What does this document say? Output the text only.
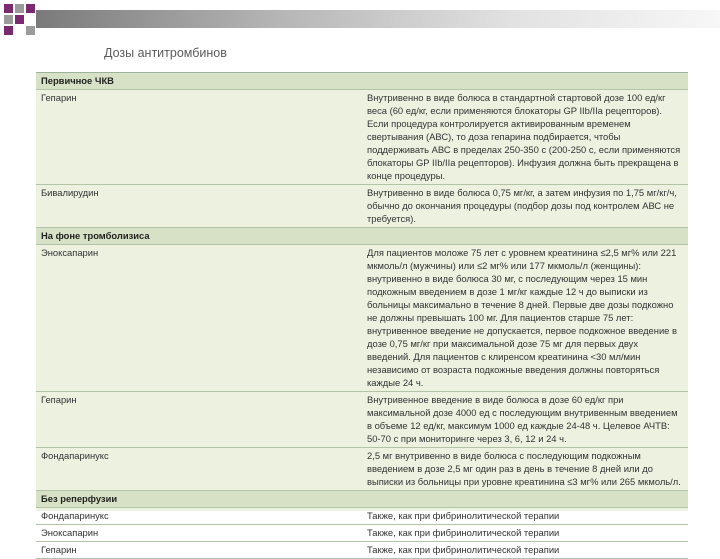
Дозы антитромбинов
Первичное ЧКВ	
Гепарин	Внутривенно в виде болюса в стандартной стартовой дозе 100 ед/кг веса (60 ед/кг, если применяются блокаторы GP IIb/IIa рецепторов). Если процедура контролируется активированным временем свертывания (АВС), то доза гепарина подбирается, чтобы поддерживать АВС в пределах 250-350 с (200-250 с, если применяются блокаторы GP IIb/IIa рецепторов). Инфузия должна быть прекращена в конце процедуры.
Бивалирудин	Внутривенно в виде болюса 0,75 мг/кг, а затем инфузия по 1,75 мг/кг/ч, обычно до окончания процедуры (подбор дозы под контролем АВС не требуется).
На фоне тромболизиса	
Эноксапарин	Для пациентов моложе 75 лет с уровнем креатинина ≤2,5 мг% или 221 мкмоль/л (мужчины) или ≤2 мг% или 177 мкмоль/л (женщины): внутривенно в виде болюса 30 мг, с последующим через 15 мин подкожным введением в дозе 1 мг/кг каждые 12 ч до выписки из больницы максимально в течение 8 дней. Первые две дозы подкожно не должны превышать 100 мг. Для пациентов старше 75 лет: внутривенное введение не допускается, первое подкожное введение в дозе 0,75 мг/кг при максимальной дозе 75 мг для первых двух введений. Для пациентов с клиренсом креатинина <30 мл/мин независимо от возраста подкожные введения должны повторяться каждые 24 ч.
Гепарин	Внутривенное введение в виде болюса в дозе 60 ед/кг при максимальной дозе 4000 ед с последующим внутривенным введением в объеме 12 ед/кг, максимум 1000 ед каждые 24-48 ч. Целевое АЧТВ: 50-70 с при мониторинге через 3, 6, 12 и 24 ч.
Фондапаринукс	2,5 мг внутривенно в виде болюса с последующим подкожным введением в дозе 2,5 мг один раз в день в течение 8 дней или до выписки из больницы при уровне креатинина ≤3 мг% или 265 мкмоль/л.
Без реперфузии	
Фондапаринукс	Также, как при фибринолитической терапии
Эноксапарин	Также, как при фибринолитической терапии
Гепарин	Также, как при фибринолитической терапии
